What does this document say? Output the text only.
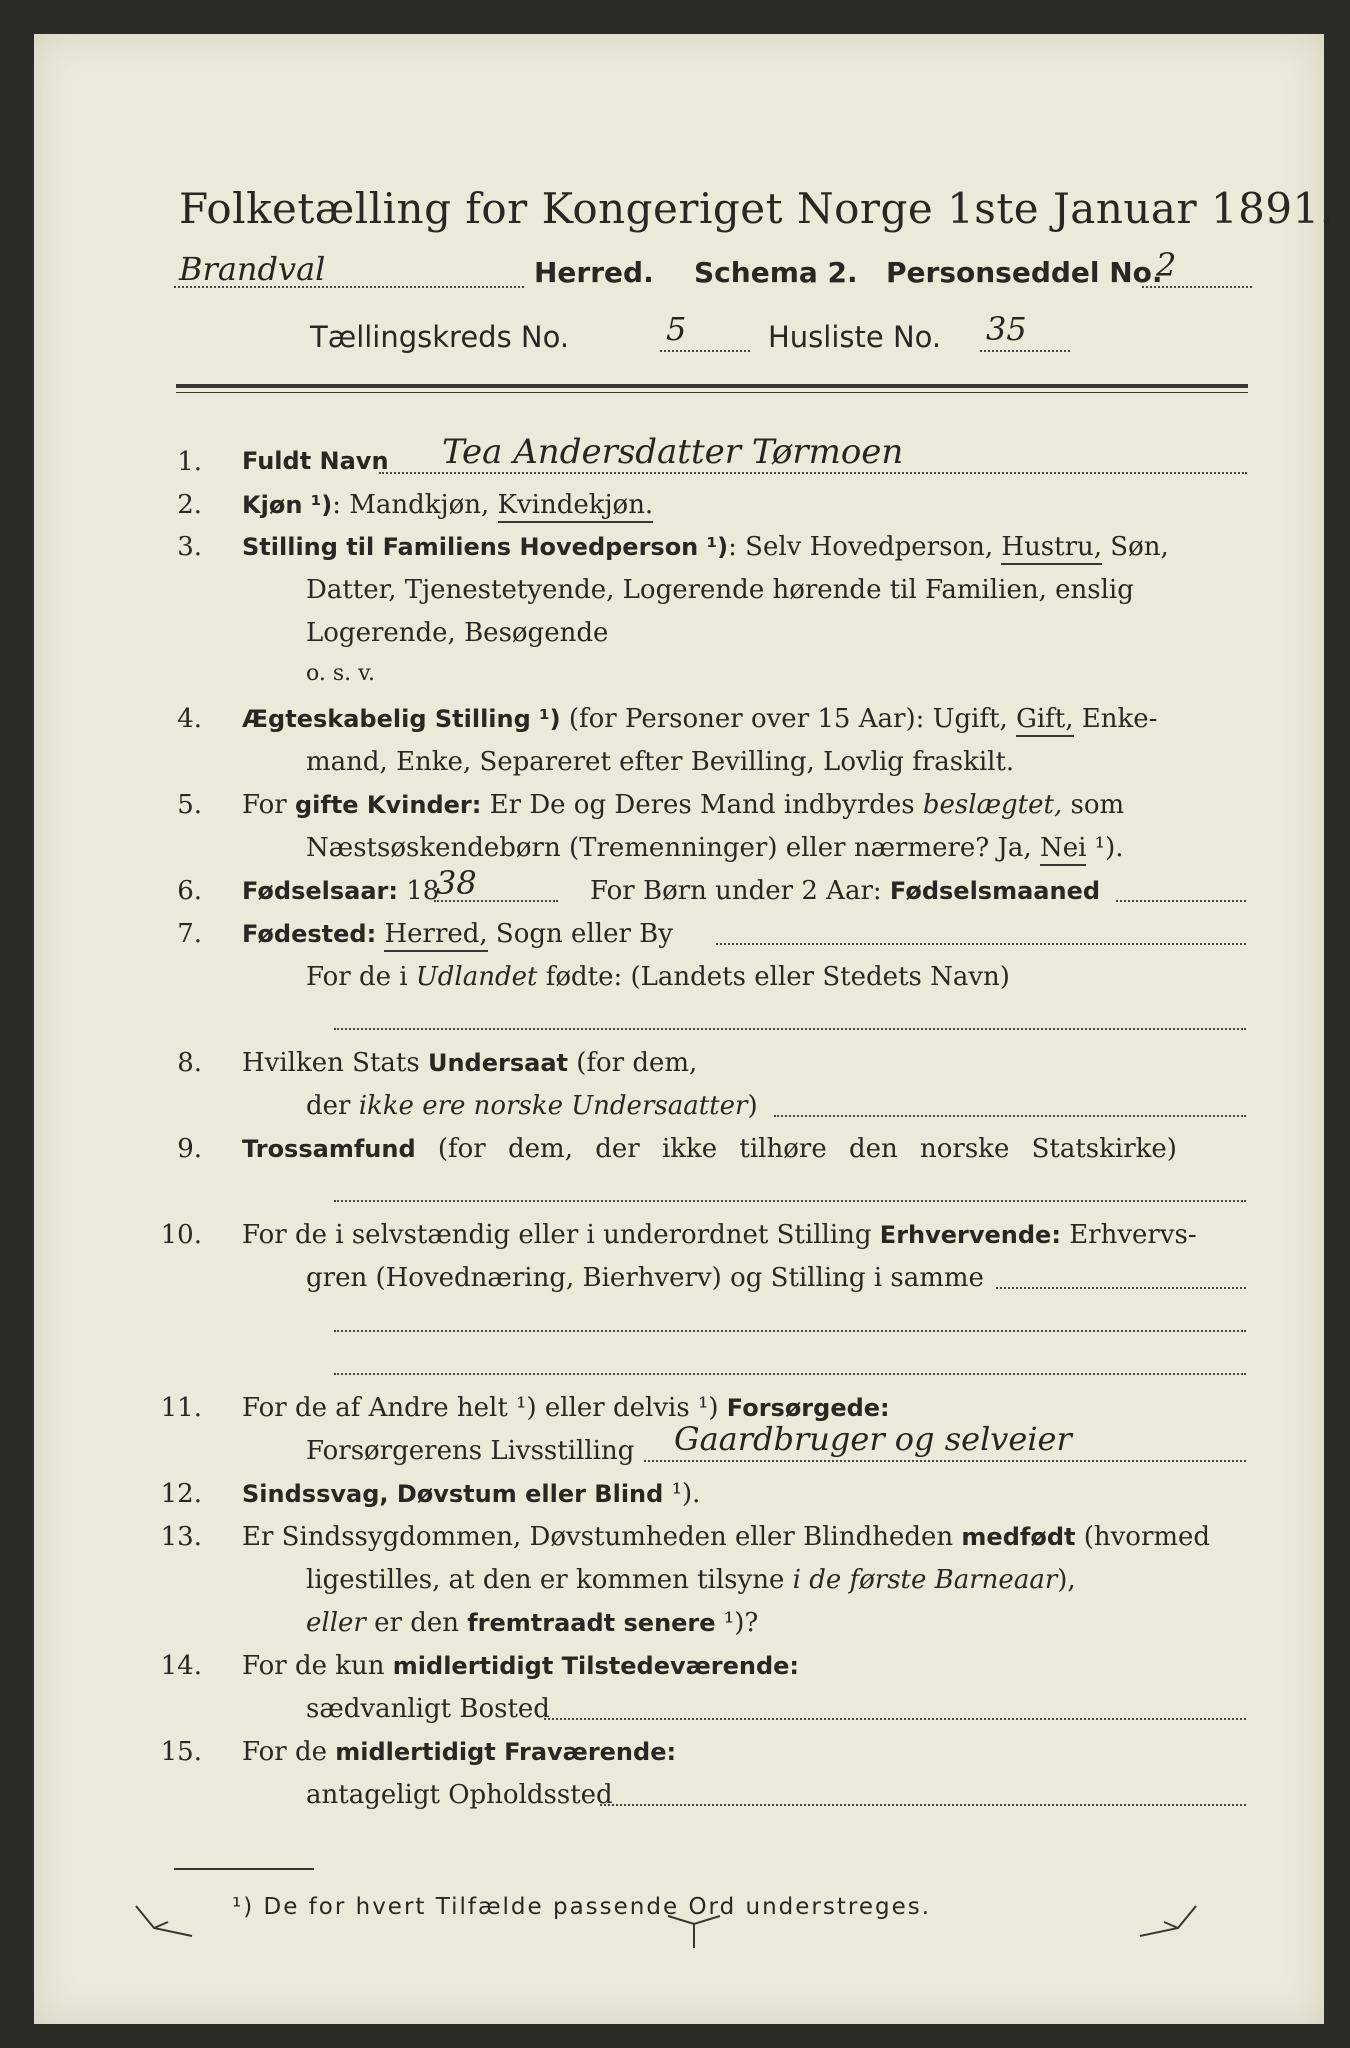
Folketælling for Kongeriget Norge 1ste Januar 1891.
Brandval	Herred. Schema 2. Personseddel No.
2
Tællingskreds No.	5	Husliste No. 35
1. Fuldt Navn Tea Andersdatter Tørmoen
2. Kjøn ¹): Mandkjøn, Kvindekjøn.
3. Stilling til Familiens Hovedperson ¹): Selv Hovedperson, Hustru, Søn,
Datter, Tjenestetyende, Logerende hørende til Familien, enslig
Logerende, Besøgende
o. s. v.
4. Ægteskabelig Stilling ¹) (for Personer over 15 Aar): Ugift, Gift, Enke-
mand, Enke, Separeret efter Bevilling, Lovlig fraskilt.
5. For gifte Kvinder: Er De og Deres Mand indbyrdes beslægtet, som
Næstsøskendebørn (Tremenninger) eller nærmere? Ja, Nei ¹).
6. Fødselsaar: 18
38	For Børn under 2 Aar: Fødselsmaaned
7. Fødested: Herred, Sogn eller By
For de i Udlandet fødte: (Landets eller Stedets Navn)
8. Hvilken Stats Undersaat (for dem,
der ikke ere norske Undersaatter)
9. Trossamfund (for dem, der ikke tilhøre den norske Statskirke)
10. For de i selvstændig eller i underordnet Stilling Erhvervende: Erhvervs-
gren (Hovednæring, Bierhverv) og Stilling i samme
11. For de af Andre helt ¹) eller delvis ¹) Forsørgede:
Forsørgerens Livsstilling Gaardbruger og selveier
12. Sindssvag, Døvstum eller Blind ¹).
13. Er Sindssygdommen, Døvstumheden eller Blindheden medfødt (hvormed
ligestilles, at den er kommen tilsyne i de første Barneaar),
eller er den fremtraadt senere ¹)?
14. For de kun midlertidigt Tilstedeværende:
sædvanligt Bosted
15. For de midlertidigt Fraværende:
antageligt Opholdssted
¹) De for hvert Tilfælde passende Ord understreges.
